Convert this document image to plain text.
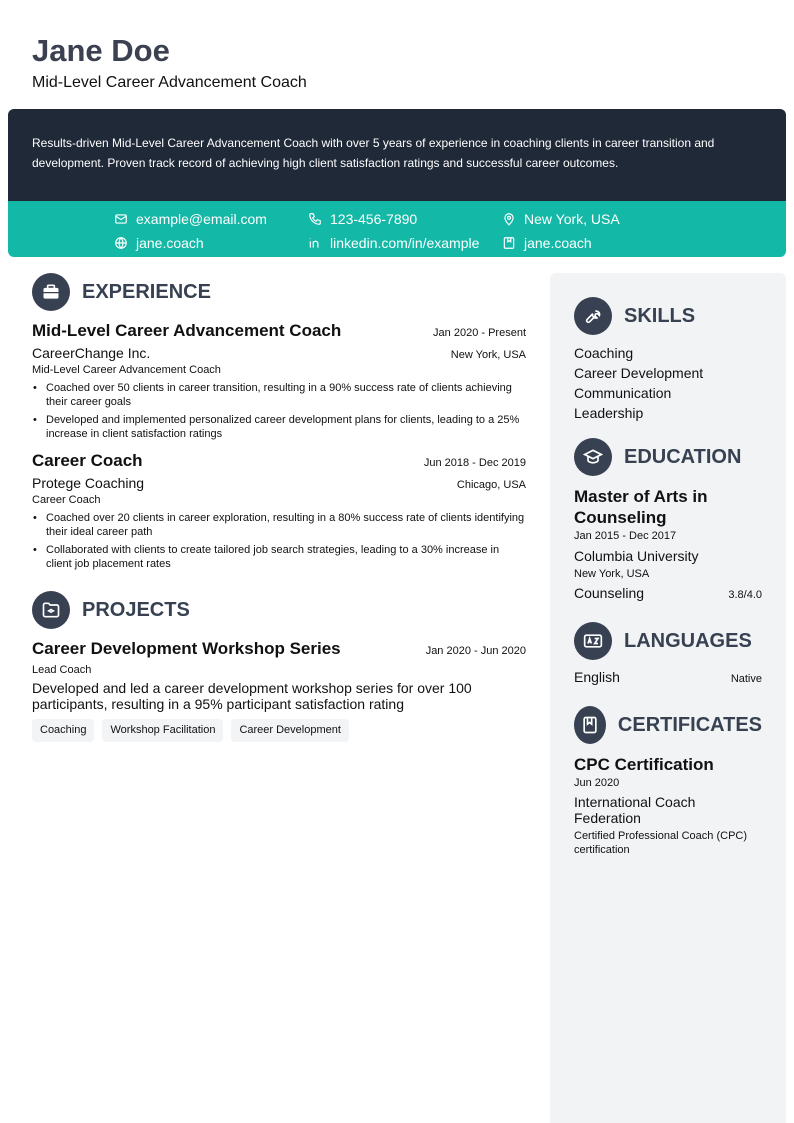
Jane Doe
Mid-Level Career Advancement Coach
Results-driven Mid-Level Career Advancement Coach with over 5 years of experience in coaching clients in career transition and development. Proven track record of achieving high client satisfaction ratings and successful career outcomes.
example@email.com	123-456-7890	New York, USA
jane.coach	linkedin.com/in/example	jane.coach
EXPERIENCE
Mid-Level Career Advancement Coach	Jan 2020 - Present
CareerChange Inc.	New York, USA
Mid-Level Career Advancement Coach
• Coached over 50 clients in career transition, resulting in a 90% success rate of clients achieving their career goals
• Developed and implemented personalized career development plans for clients, leading to a 25% increase in client satisfaction ratings
Career Coach	Jun 2018 - Dec 2019
Protege Coaching	Chicago, USA
Career Coach
• Coached over 20 clients in career exploration, resulting in a 80% success rate of clients identifying their ideal career path
• Collaborated with clients to create tailored job search strategies, leading to a 30% increase in client job placement rates
PROJECTS
Career Development Workshop Series	Jan 2020 - Jun 2020
Lead Coach
Developed and led a career development workshop series for over 100 participants, resulting in a 95% participant satisfaction rating
Coaching	Workshop Facilitation	Career Development
SKILLS
Coaching
Career Development
Communication
Leadership
EDUCATION
Master of Arts in Counseling
Jan 2015 - Dec 2017
Columbia University
New York, USA
Counseling	3.8/4.0
LANGUAGES
English	Native
CERTIFICATES
CPC Certification
Jun 2020
International Coach Federation
Certified Professional Coach (CPC) certification
